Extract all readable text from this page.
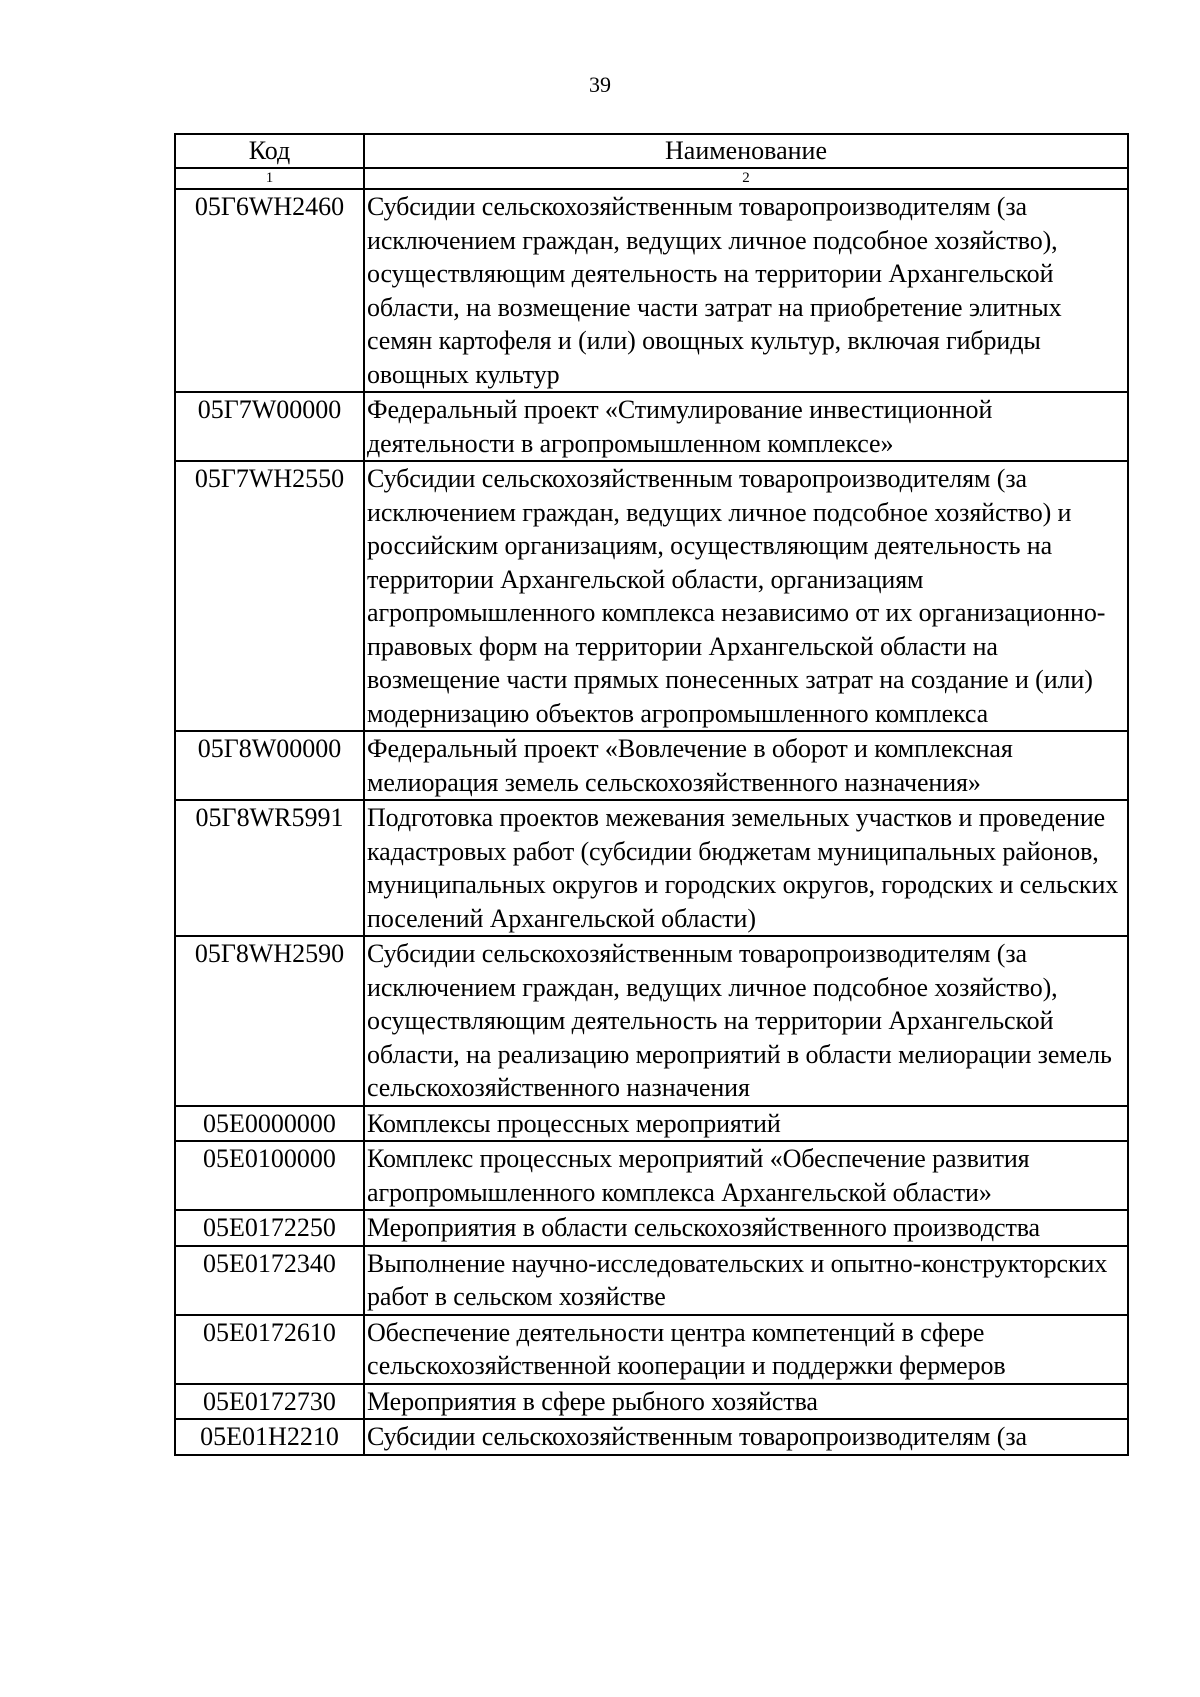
39
Код	Наименование
1	2
05Г6WH2460	Субсидии сельскохозяйственным товаропроизводителям (за исключением граждан, ведущих личное подсобное хозяйство), осуществляющим деятельность на территории Архангельской области, на возмещение части затрат на приобретение элитных семян картофеля и (или) овощных культур, включая гибриды овощных культур
05Г7W00000	Федеральный проект «Стимулирование инвестиционной деятельности в агропромышленном комплексе»
05Г7WH2550	Субсидии сельскохозяйственным товаропроизводителям (за исключением граждан, ведущих личное подсобное хозяйство) и российским организациям, осуществляющим деятельность на территории Архангельской области, организациям агропромышленного комплекса независимо от их организационно-правовых форм на территории Архангельской области на возмещение части прямых понесенных затрат на создание и (или) модернизацию объектов агропромышленного комплекса
05Г8W00000	Федеральный проект «Вовлечение в оборот и комплексная мелиорация земель сельскохозяйственного назначения»
05Г8WR5991	Подготовка проектов межевания земельных участков и проведение кадастровых работ (субсидии бюджетам муниципальных районов, муниципальных округов и городских округов, городских и сельских поселений Архангельской области)
05Г8WH2590	Субсидии сельскохозяйственным товаропроизводителям (за исключением граждан, ведущих личное подсобное хозяйство), осуществляющим деятельность на территории Архангельской области, на реализацию мероприятий в области мелиорации земель сельскохозяйственного назначения
05Е0000000	Комплексы процессных мероприятий
05Е0100000	Комплекс процессных мероприятий «Обеспечение развития агропромышленного комплекса Архангельской области»
05Е0172250	Мероприятия в области сельскохозяйственного производства
05Е0172340	Выполнение научно-исследовательских и опытно-конструкторских работ в сельском хозяйстве
05Е0172610	Обеспечение деятельности центра компетенций в сфере сельскохозяйственной кооперации и поддержки фермеров
05Е0172730	Мероприятия в сфере рыбного хозяйства
05Е01Н2210	Субсидии сельскохозяйственным товаропроизводителям (за
